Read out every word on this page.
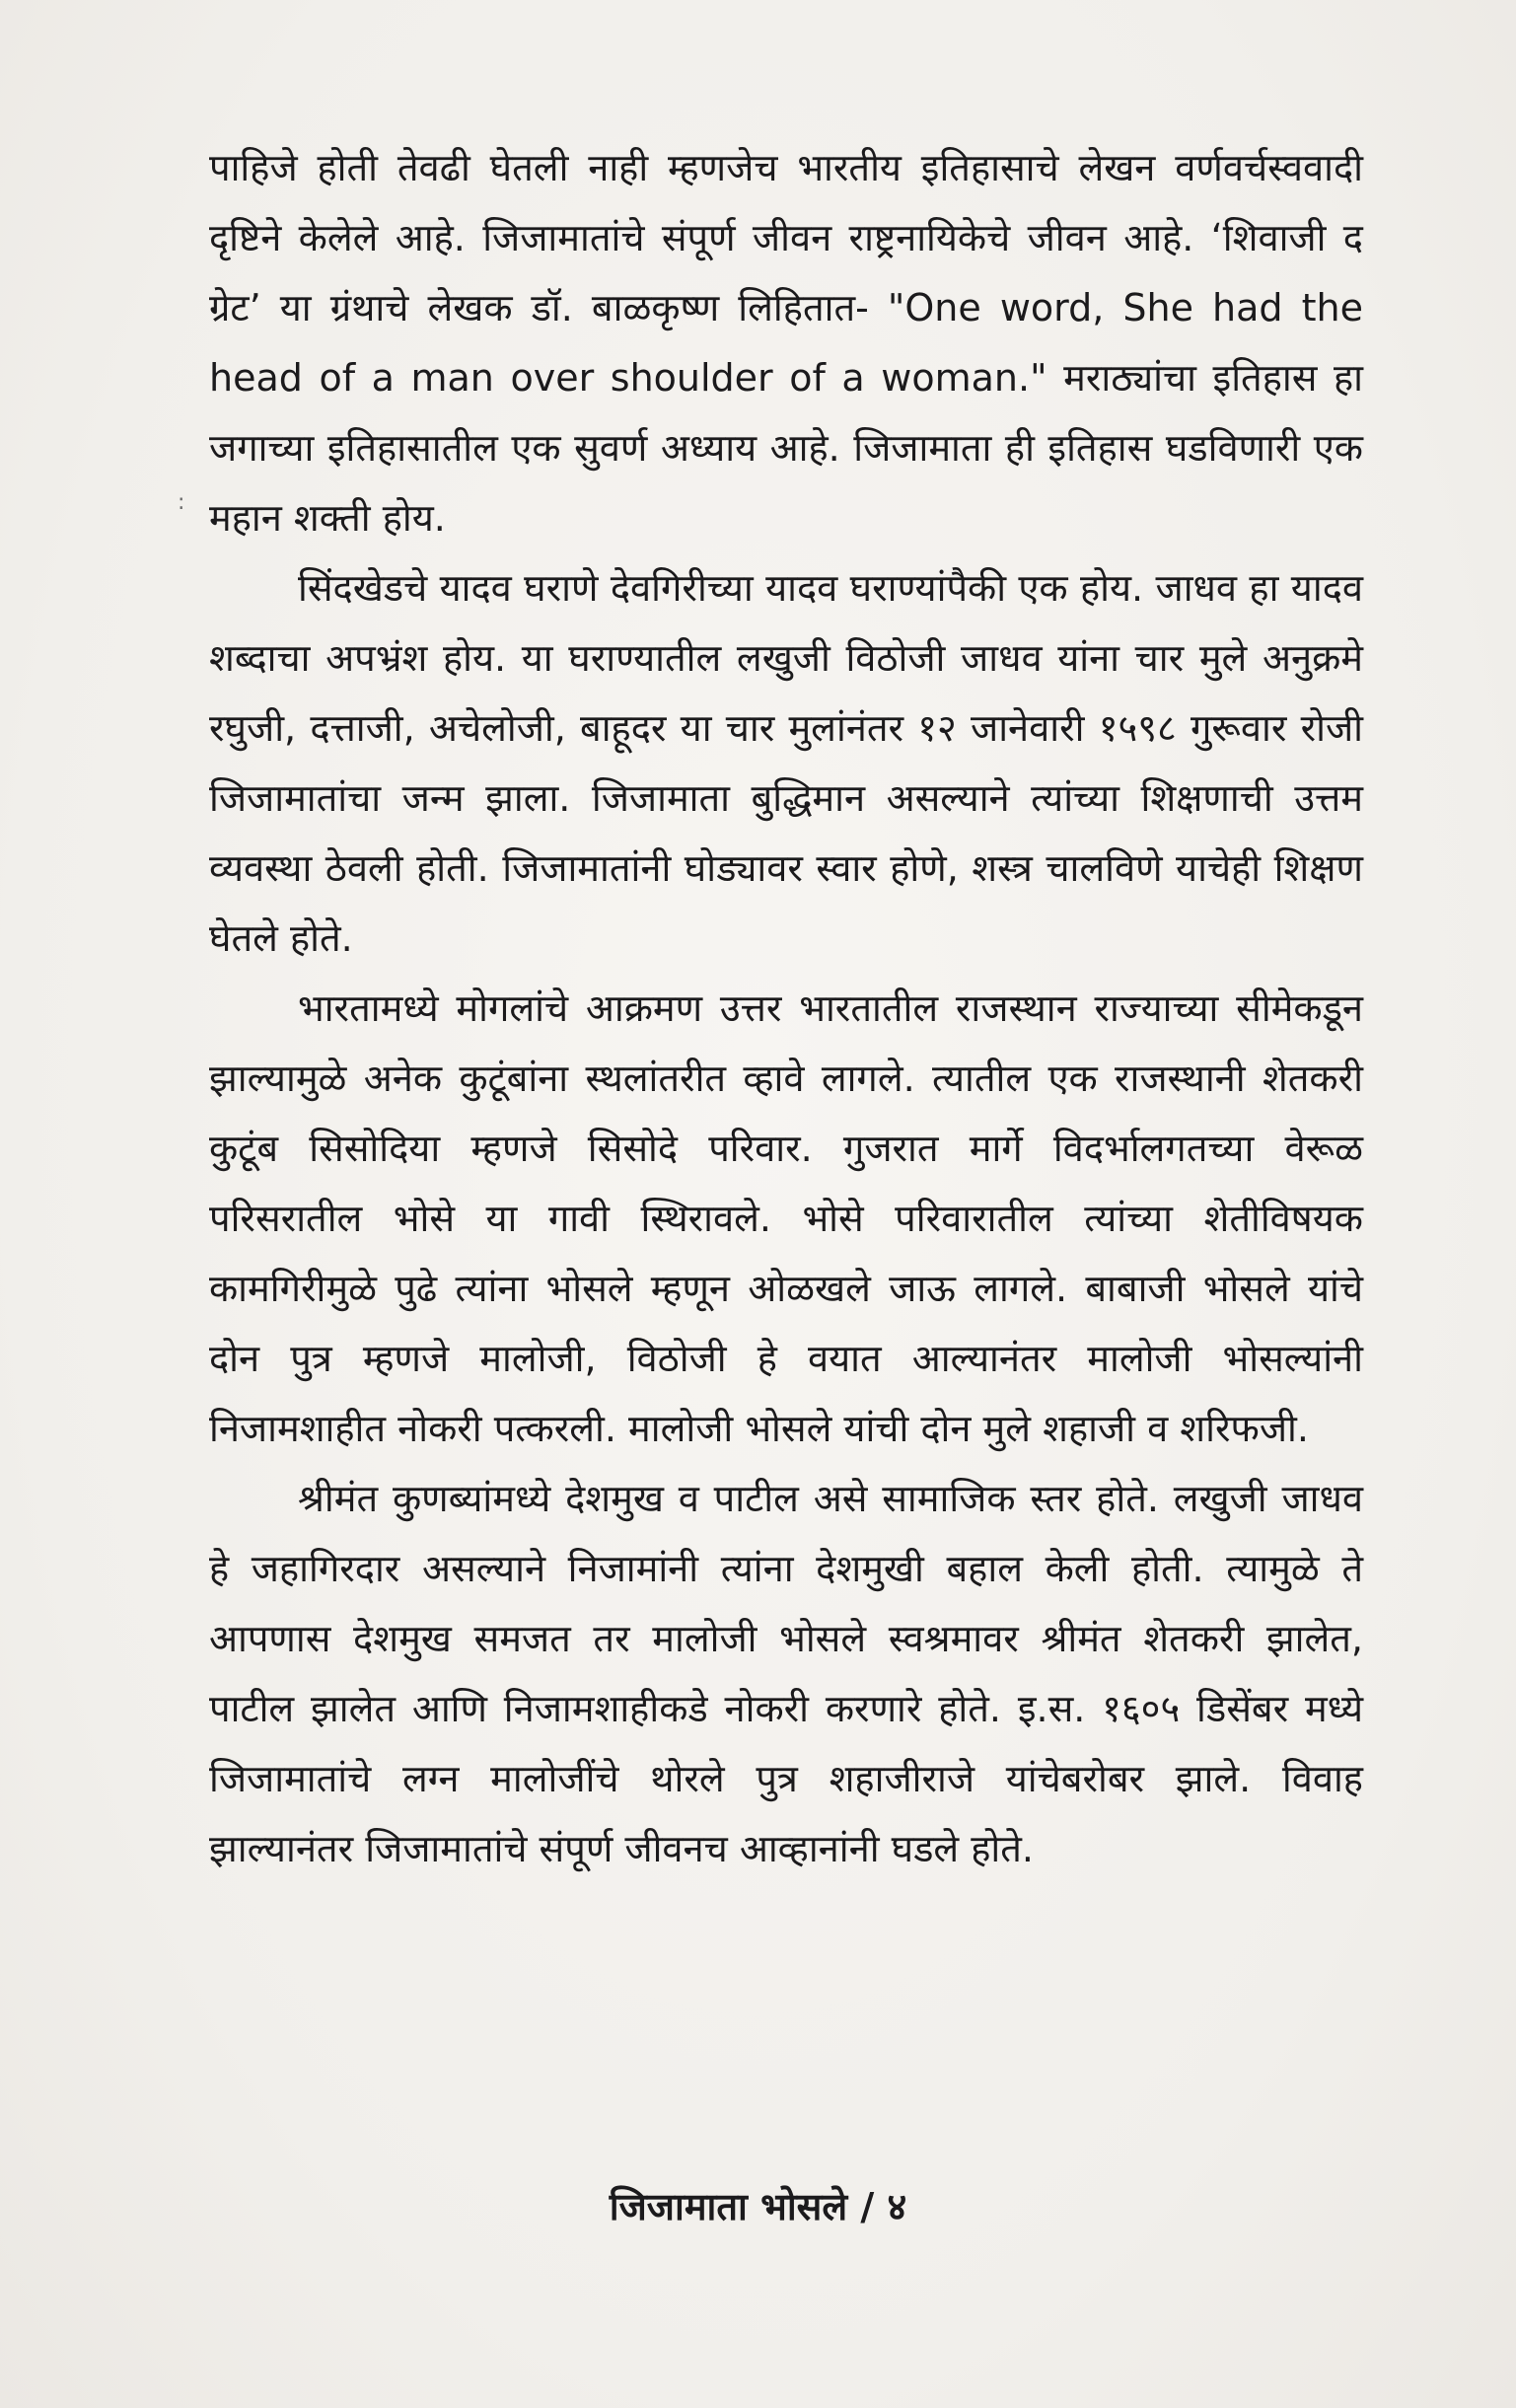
:

पाहिजे होती तेवढी घेतली नाही म्हणजेच भारतीय इतिहासाचे लेखन वर्णवर्चस्ववादी दृष्टिने केलेले आहे. जिजामातांचे संपूर्ण जीवन राष्ट्रनायिकेचे जीवन आहे. ‘शिवाजी द ग्रेट’ या ग्रंथाचे लेखक डॉ. बाळकृष्ण लिहितात- "One word, She had the head of a man over shoulder of a woman." मराठ्यांचा इतिहास हा जगाच्या इतिहासातील एक सुवर्ण अध्याय आहे. जिजामाता ही इतिहास घडविणारी एक महान शक्ती होय.

सिंदखेडचे यादव घराणे देवगिरीच्या यादव घराण्यांपैकी एक होय. जाधव हा यादव शब्दाचा अपभ्रंश होय. या घराण्यातील लखुजी विठोजी जाधव यांना चार मुले अनुक्रमे रघुजी, दत्ताजी, अचेलोजी, बाहूदर या चार मुलांनंतर १२ जानेवारी १५९८ गुरूवार रोजी जिजामातांचा जन्म झाला. जिजामाता बुद्धिमान असल्याने त्यांच्या शिक्षणाची उत्तम व्यवस्था ठेवली होती. जिजामातांनी घोड्यावर स्वार होणे, शस्त्र चालविणे याचेही शिक्षण घेतले होते.

भारतामध्ये मोगलांचे आक्रमण उत्तर भारतातील राजस्थान राज्याच्या सीमेकडून झाल्यामुळे अनेक कुटूंबांना स्थलांतरीत व्हावे लागले. त्यातील एक राजस्थानी शेतकरी कुटूंब सिसोदिया म्हणजे सिसोदे परिवार. गुजरात मार्गे विदर्भालगतच्या वेरूळ परिसरातील भोसे या गावी स्थिरावले. भोसे परिवारातील त्यांच्या शेतीविषयक कामगिरीमुळे पुढे त्यांना भोसले म्हणून ओळखले जाऊ लागले. बाबाजी भोसले यांचे दोन पुत्र म्हणजे मालोजी, विठोजी हे वयात आल्यानंतर मालोजी भोसल्यांनी निजामशाहीत नोकरी पत्करली. मालोजी भोसले यांची दोन मुले शहाजी व शरिफजी.

श्रीमंत कुणब्यांमध्ये देशमुख व पाटील असे सामाजिक स्तर होते. लखुजी जाधव हे जहागिरदार असल्याने निजामांनी त्यांना देशमुखी बहाल केली होती. त्यामुळे ते आपणास देशमुख समजत तर मालोजी भोसले स्वश्रमावर श्रीमंत शेतकरी झालेत, पाटील झालेत आणि निजामशाहीकडे नोकरी करणारे होते. इ.स. १६०५ डिसेंबर मध्ये जिजामातांचे लग्न मालोजींचे थोरले पुत्र शहाजीराजे यांचेबरोबर झाले. विवाह झाल्यानंतर जिजामातांचे संपूर्ण जीवनच आव्हानांनी घडले होते.

जिजामाता भोसले / ४
